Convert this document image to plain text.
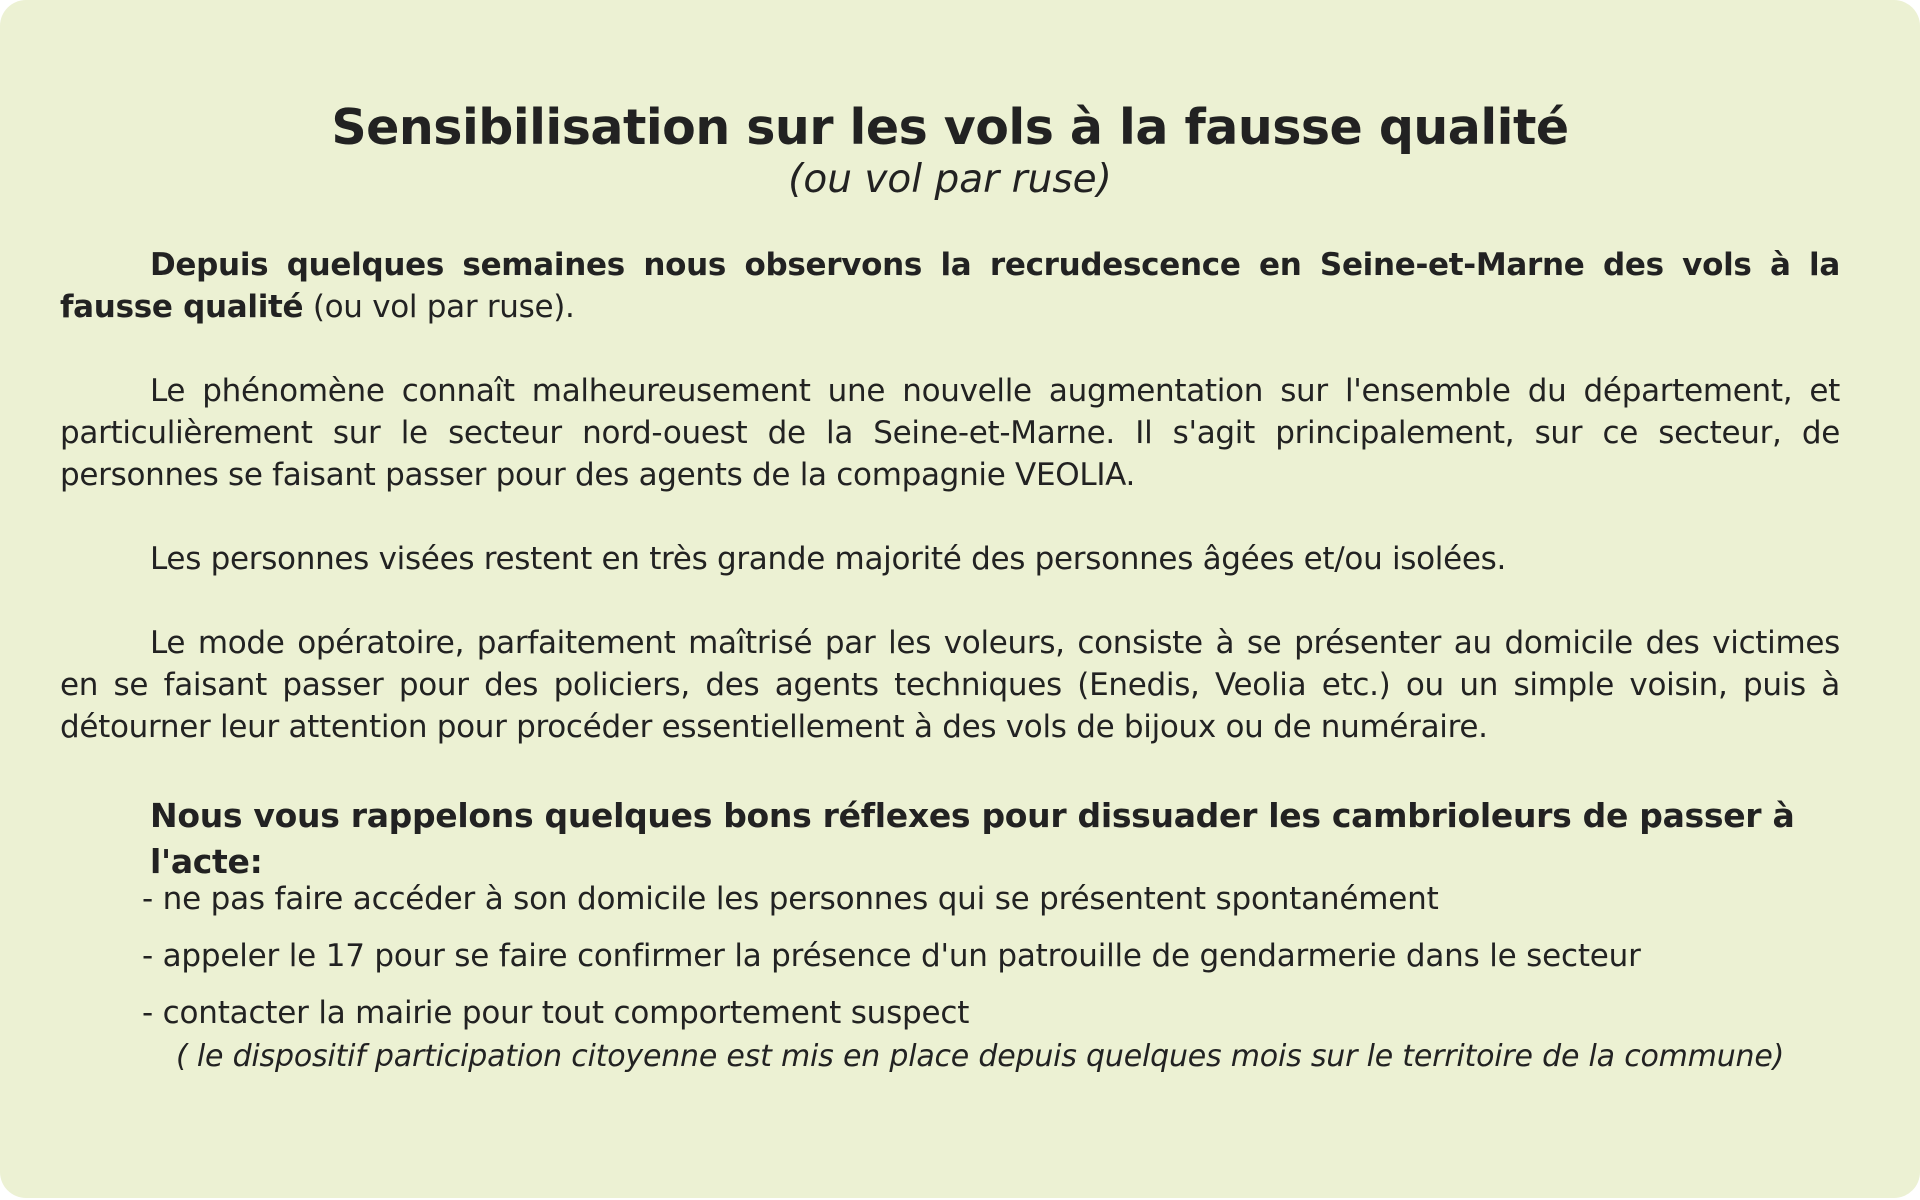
Sensibilisation sur les vols à la fausse qualité
(ou vol par ruse)

Depuis quelques semaines nous observons la recrudescence en Seine-et-Marne des vols à la fausse qualité (ou vol par ruse).

Le phénomène connaît malheureusement une nouvelle augmentation sur l'ensemble du département, et particulièrement sur le secteur nord-ouest de la Seine-et-Marne. Il s'agit principalement, sur ce secteur, de personnes se faisant passer pour des agents de la compagnie VEOLIA.

Les personnes visées restent en très grande majorité des personnes âgées et/ou isolées.

Le mode opératoire, parfaitement maîtrisé par les voleurs, consiste à se présenter au domicile des victimes en se faisant passer pour des policiers, des agents techniques (Enedis, Veolia etc.) ou un simple voisin, puis à détourner leur attention pour procéder essentiellement à des vols de bijoux ou de numéraire.

Nous vous rappelons quelques bons réflexes pour dissuader les cambrioleurs de passer à l'acte:
- ne pas faire accéder à son domicile les personnes qui se présentent spontanément
- appeler le 17 pour se faire confirmer la présence d'un patrouille de gendarmerie dans le secteur
- contacter la mairie pour tout comportement suspect
( le dispositif participation citoyenne est mis en place depuis quelques mois sur le territoire de la commune)
